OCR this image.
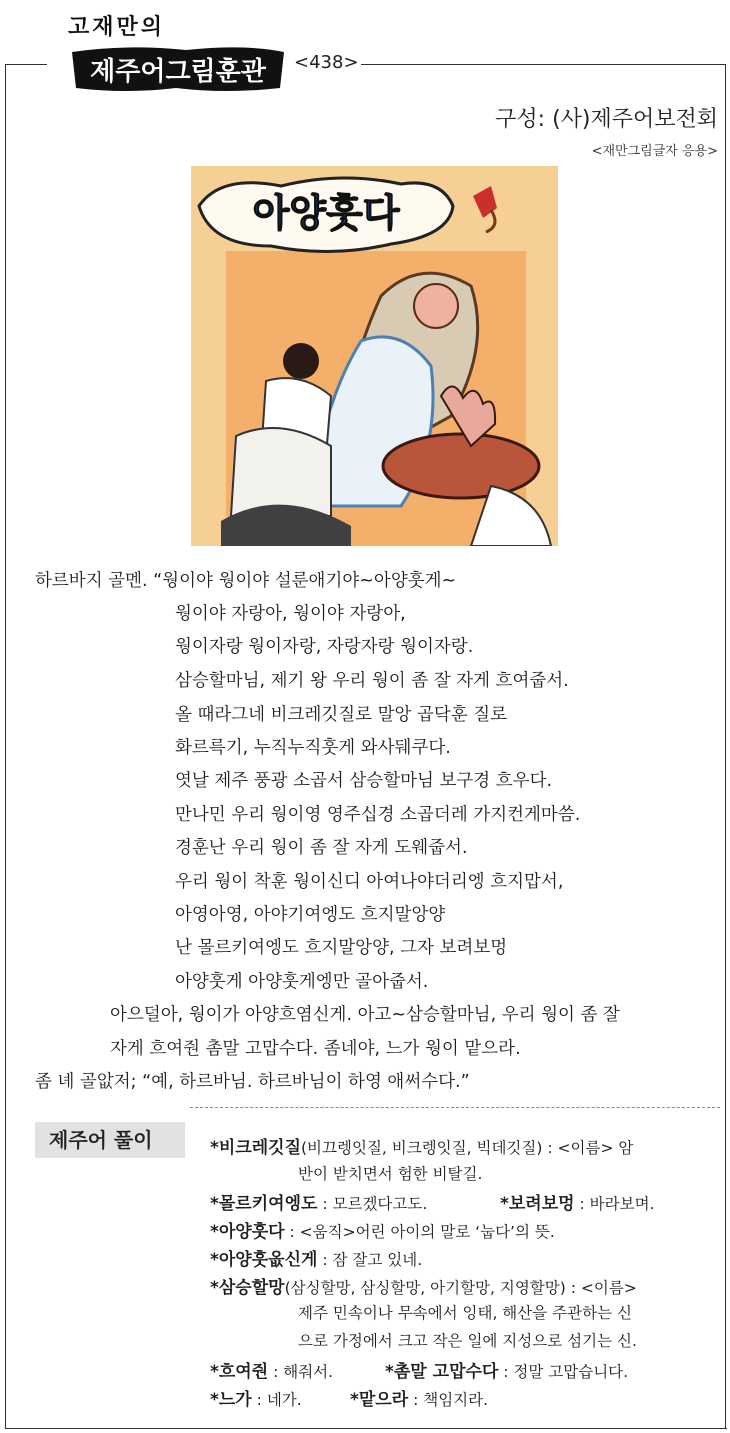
고재만의
제주어그림훈관 <438>
구성: (사)제주어보전회
<재만그림글자 응용>
아양훗다
하르바지 골멘. “웡이야 웡이야 설룬애기야~아양훗게~
웡이야 자랑아, 웡이야 자랑아,
웡이자랑 웡이자랑, 자랑자랑 웡이자랑.
삼승할마님, 제기 왕 우리 웡이 좀 잘 자게 흐여줍서.
올 때라그네 비크레깃질로 말앙 곱닥훈 질로
화르륵기, 누직누직훗게 와사뒈쿠다.
엿날 제주 풍광 소곱서 삼승할마님 보구경 흐우다.
만나민 우리 웡이영 영주십경 소곱더레 가지컨게마씀.
경훈난 우리 웡이 좀 잘 자게 도웨줍서.
우리 웡이 착훈 웡이신디 아여나야더리엥 흐지맙서,
아영아영, 아야기여엥도 흐지말앙양
난 몰르키여엥도 흐지말앙양, 그자 보려보멍
아양훗게 아양훗게엥만 골아줍서.
아으덜아, 웡이가 아양흐염신게. 아고~삼승할마님, 우리 웡이 좀 잘
자게 흐여줜 촘말 고맙수다. 좀네야, 느가 웡이 맡으라.
좀 녜 골앖저; “예, 하르바님. 하르바님이 하영 애써수다.”
제주어 풀이	*비크레깃질(비끄렝잇질, 비크렝잇질, 빅데깃질) : <이름> 암
반이 받치면서 험한 비탈길.
*몰르키여엥도 : 모르겠다고도.	*보려보멍 : 바라보며.
*아양훗다 : <움직>어린 아이의 말로 ‘눕다’의 뜻.
*아양훗옶신게 : 잠 잘고 있네.
*삼승할망(삼싱할망, 삼싱할망, 아기할망, 지영할망) : <이름>
제주 민속이나 무속에서 잉태, 해산을 주관하는 신
으로 가정에서 크고 작은 일에 지성으로 섬기는 신.
*흐여줜 : 해줘서.	*촘말 고맙수다 : 정말 고맙습니다.
*느가 : 네가.	*맡으라 : 책임지라.
